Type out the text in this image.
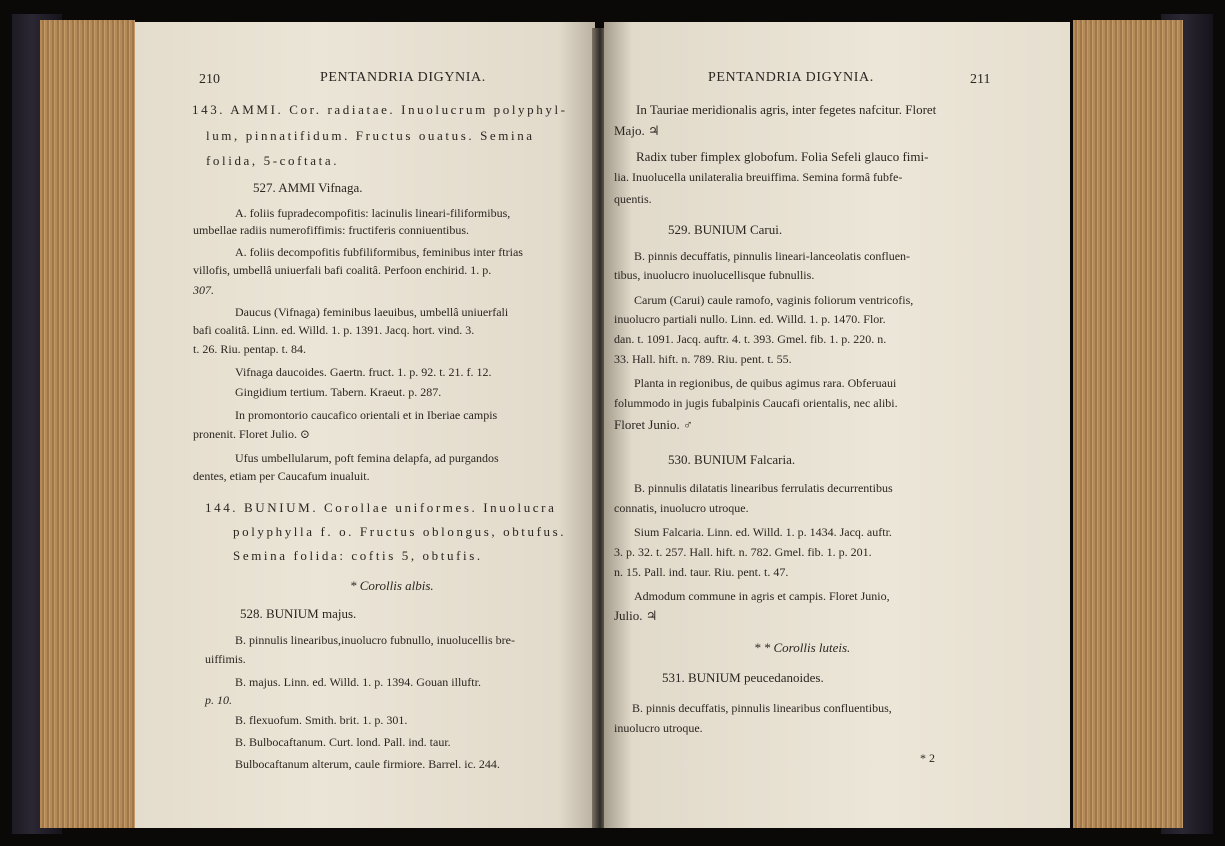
210	PENTANDRIA DIGYNIA.
143. AMMI. Cor. radiatae. Inuolucrum polyphyl-
lum, pinnatifidum. Fructus ouatus. Semina
folida, 5-coftata.
527. AMMI Vifnaga.
A. foliis fupradecompofitis: lacinulis lineari-filiformibus,
umbellae radiis numerofiffimis: fructiferis conniuentibus.
A. foliis decompofitis fubfiliformibus, feminibus inter ftrias
villofis, umbellâ uniuerfali bafi coalitâ. Perfoon enchirid. 1. p.
307.
Daucus (Vifnaga) feminibus laeuibus, umbellâ uniuerfali
bafi coalitâ. Linn. ed. Willd. 1. p. 1391. Jacq. hort. vind. 3.
t. 26. Riu. pentap. t. 84.
Vifnaga daucoides. Gaertn. fruct. 1. p. 92. t. 21. f. 12.
Gingidium tertium. Tabern. Kraeut. p. 287.
In promontorio caucafico orientali et in Iberiae campis
pronenit. Floret Julio. ⊙
Ufus umbellularum, poft femina delapfa, ad purgandos
dentes, etiam per Caucafum inualuit.
144. BUNIUM. Corollae uniformes. Inuolucra
polyphylla f. o. Fructus oblongus, obtufus.
Semina folida: coftis 5, obtufis.
* Corollis albis.
528. BUNIUM majus.
B. pinnulis linearibus,inuolucro fubnullo, inuolucellis bre-
uiffimis.
B. majus. Linn. ed. Willd. 1. p. 1394. Gouan illuftr.
p. 10.
B. flexuofum. Smith. brit. 1. p. 301.
B. Bulbocaftanum. Curt. lond. Pall. ind. taur.
Bulbocaftanum alterum, caule firmiore. Barrel. ic. 244.
PENTANDRIA DIGYNIA.	211
In Tauriae meridionalis agris, inter fegetes nafcitur. Floret
Majo. ♃
Radix tuber fimplex globofum. Folia Sefeli glauco fimi-
lia. Inuolucella unilateralia breuiffima. Semina formâ fubfe-
quentis.
529. BUNIUM Carui.
B. pinnis decuffatis, pinnulis lineari-lanceolatis confluen-
tibus, inuolucro inuolucellisque fubnullis.
Carum (Carui) caule ramofo, vaginis foliorum ventricofis,
inuolucro partiali nullo. Linn. ed. Willd. 1. p. 1470. Flor.
dan. t. 1091. Jacq. auftr. 4. t. 393. Gmel. fib. 1. p. 220. n.
33. Hall. hift. n. 789. Riu. pent. t. 55.
Planta in regionibus, de quibus agimus rara. Obferuaui
folummodo in jugis fubalpinis Caucafi orientalis, nec alibi.
Floret Junio. ♂
530. BUNIUM Falcaria.
B. pinnulis dilatatis linearibus ferrulatis decurrentibus
connatis, inuolucro utroque.
Sium Falcaria. Linn. ed. Willd. 1. p. 1434. Jacq. auftr.
3. p. 32. t. 257. Hall. hift. n. 782. Gmel. fib. 1. p. 201.
n. 15. Pall. ind. taur. Riu. pent. t. 47.
Admodum commune in agris et campis. Floret Junio,
Julio. ♃
* * Corollis luteis.
531. BUNIUM peucedanoides.
B. pinnis decuffatis, pinnulis linearibus confluentibus,
inuolucro utroque.
* 2
